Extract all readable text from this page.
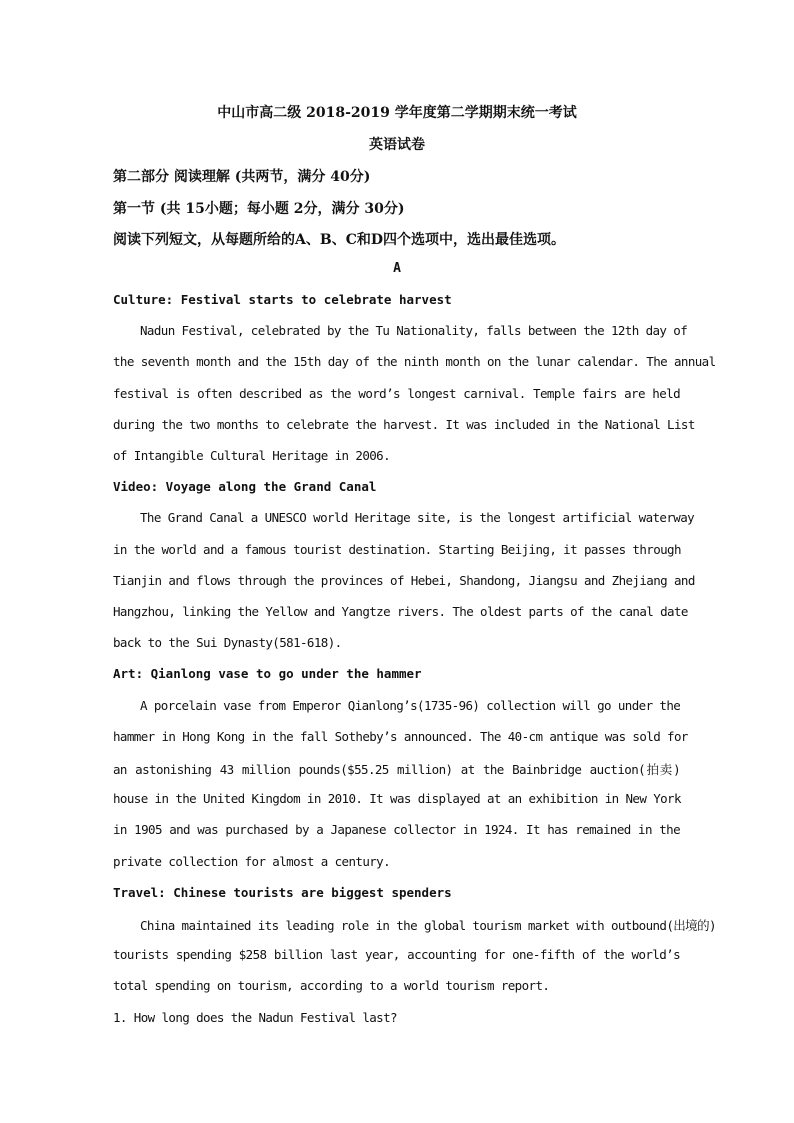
中山市高二级 2018-2019 学年度第二学期期末统一考试
英语试卷
第二部分 阅读理解 (共两节，满分 40分)
第一节 (共 15小题；每小题 2分，满分 30分)
阅读下列短文，从每题所给的A、B、C和D四个选项中，选出最佳选项。
A
Culture: Festival starts to celebrate harvest
Nadun Festival, celebrated by the Tu Nationality, falls between the 12th day of
the seventh month and the 15th day of the ninth month on the lunar calendar. The annual
festival is often described as the word’s longest carnival. Temple fairs are held
during the two months to celebrate the harvest. It was included in the National List
of Intangible Cultural Heritage in 2006.
Video: Voyage along the Grand Canal
The Grand Canal a UNESCO world Heritage site, is the longest artificial waterway
in the world and a famous tourist destination. Starting Beijing, it passes through
Tianjin and flows through the provinces of Hebei, Shandong, Jiangsu and Zhejiang and
Hangzhou, linking the Yellow and Yangtze rivers. The oldest parts of the canal date
back to the Sui Dynasty(581-618).
Art: Qianlong vase to go under the hammer
A porcelain vase from Emperor Qianlong’s(1735-96) collection will go under the
hammer in Hong Kong in the fall Sotheby’s announced. The 40-cm antique was sold for
an astonishing 43 million pounds($55.25 million) at the Bainbridge auction(拍卖)
house in the United Kingdom in 2010. It was displayed at an exhibition in New York
in 1905 and was purchased by a Japanese collector in 1924. It has remained in the
private collection for almost a century.
Travel: Chinese tourists are biggest spenders
China maintained its leading role in the global tourism market with outbound(出境的)
tourists spending $258 billion last year, accounting for one-fifth of the world’s
total spending on tourism, according to a world tourism report.
1. How long does the Nadun Festival last?
